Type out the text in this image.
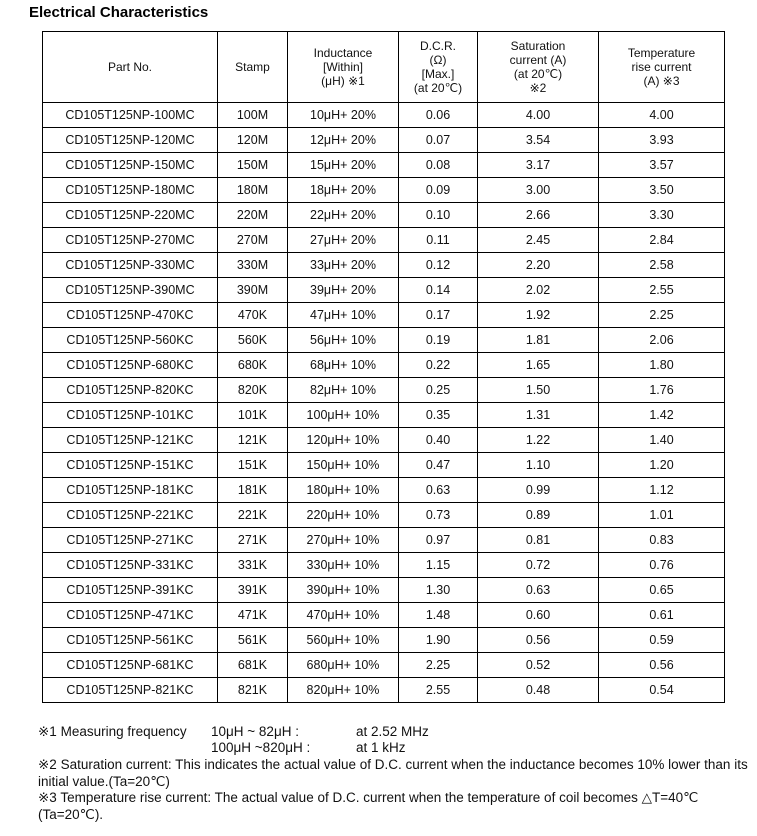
Electrical Characteristics
Part No.	Stamp	Inductance
[Within]
(μH) ※1	D.C.R.
(Ω)
[Max.]
(at 20℃)	Saturation
current (A)
(at 20℃)
※2	Temperature
rise current
(A) ※3

CD105T125NP-100MC	100M	10μH+ 20%	0.06	4.00	4.00
CD105T125NP-120MC	120M	12μH+ 20%	0.07	3.54	3.93
CD105T125NP-150MC	150M	15μH+ 20%	0.08	3.17	3.57
CD105T125NP-180MC	180M	18μH+ 20%	0.09	3.00	3.50
CD105T125NP-220MC	220M	22μH+ 20%	0.10	2.66	3.30
CD105T125NP-270MC	270M	27μH+ 20%	0.11	2.45	2.84
CD105T125NP-330MC	330M	33μH+ 20%	0.12	2.20	2.58
CD105T125NP-390MC	390M	39μH+ 20%	0.14	2.02	2.55
CD105T125NP-470KC	470K	47μH+ 10%	0.17	1.92	2.25
CD105T125NP-560KC	560K	56μH+ 10%	0.19	1.81	2.06
CD105T125NP-680KC	680K	68μH+ 10%	0.22	1.65	1.80
CD105T125NP-820KC	820K	82μH+ 10%	0.25	1.50	1.76
CD105T125NP-101KC	101K	100μH+ 10%	0.35	1.31	1.42
CD105T125NP-121KC	121K	120μH+ 10%	0.40	1.22	1.40
CD105T125NP-151KC	151K	150μH+ 10%	0.47	1.10	1.20
CD105T125NP-181KC	181K	180μH+ 10%	0.63	0.99	1.12
CD105T125NP-221KC	221K	220μH+ 10%	0.73	0.89	1.01
CD105T125NP-271KC	271K	270μH+ 10%	0.97	0.81	0.83
CD105T125NP-331KC	331K	330μH+ 10%	1.15	0.72	0.76
CD105T125NP-391KC	391K	390μH+ 10%	1.30	0.63	0.65
CD105T125NP-471KC	471K	470μH+ 10%	1.48	0.60	0.61
CD105T125NP-561KC	561K	560μH+ 10%	1.90	0.56	0.59
CD105T125NP-681KC	681K	680μH+ 10%	2.25	0.52	0.56
CD105T125NP-821KC	821K	820μH+ 10%	2.55	0.48	0.54
※1 Measuring frequency 10μH ~ 82μH :	at 2.52 MHz
100μH ~820μH :	at 1 kHz

※2 Saturation current: This indicates the actual value of D.C. current when the inductance becomes 10% lower than its initial value.(Ta=20℃)

※3 Temperature rise current: The actual value of D.C. current when the temperature of coil becomes △T=40℃ (Ta=20℃).
